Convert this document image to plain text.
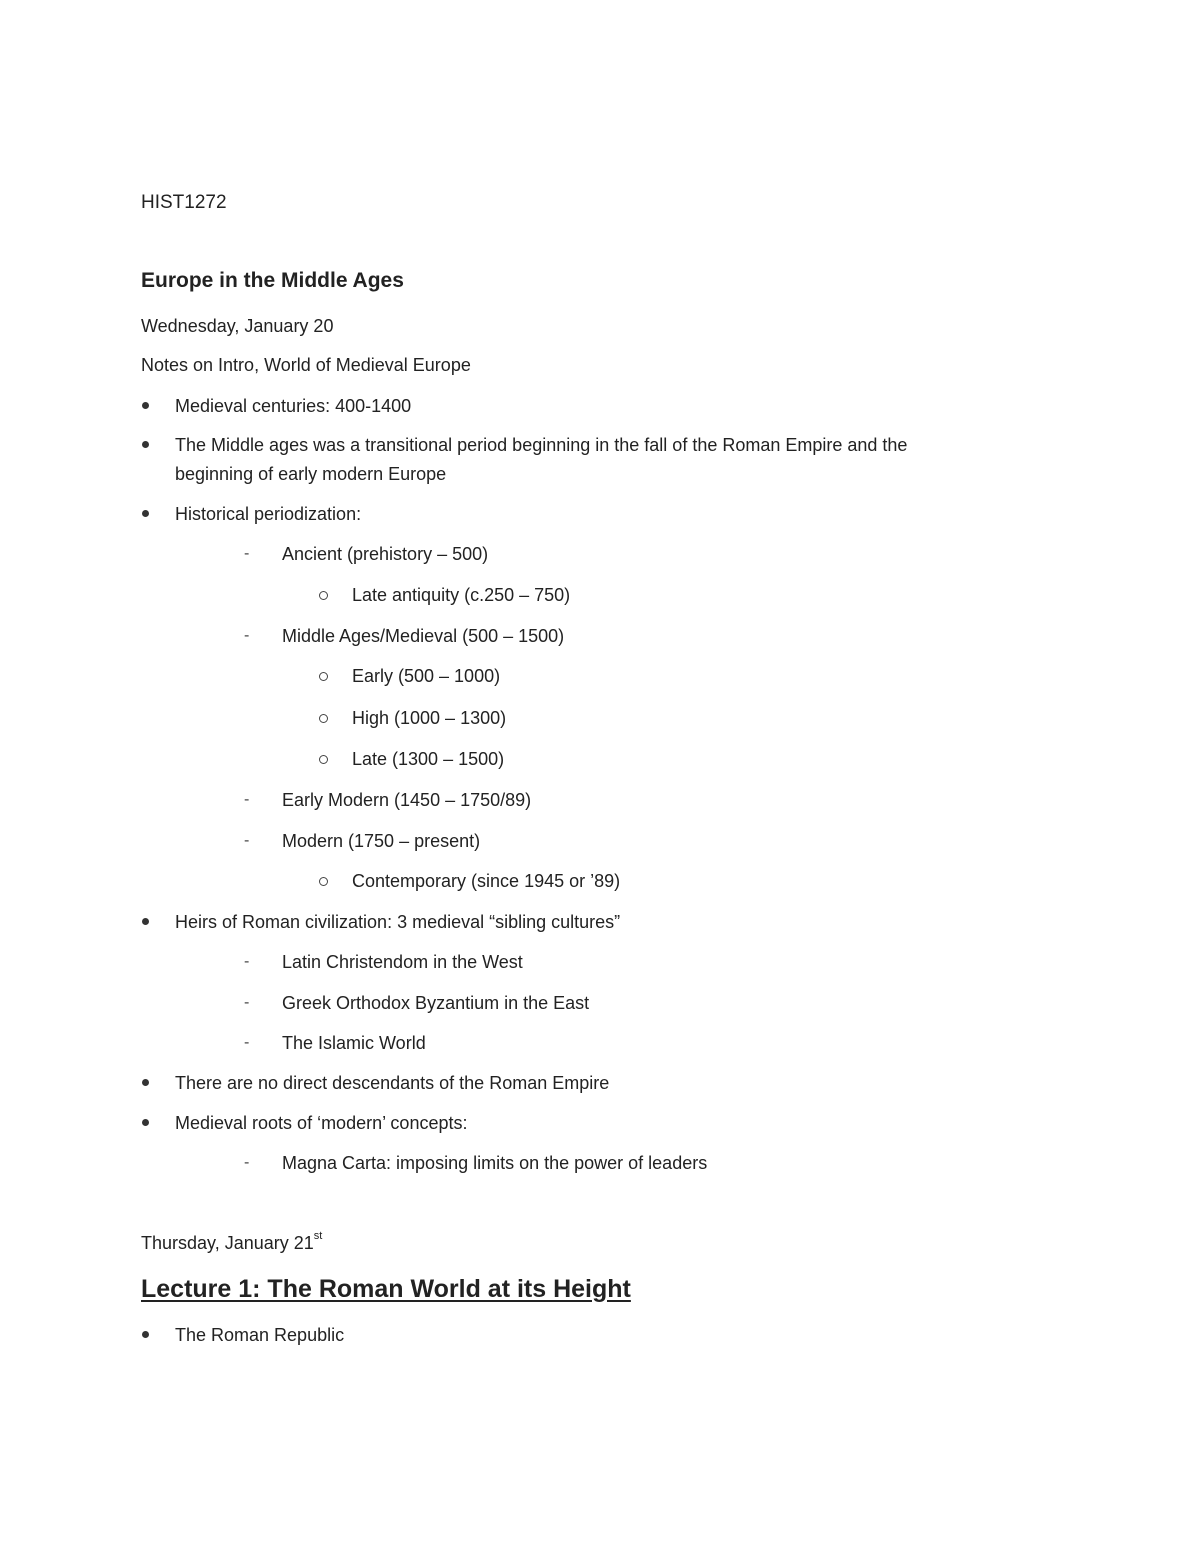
HIST1272
Europe in the Middle Ages
Wednesday, January 20
Notes on Intro, World of Medieval Europe
Medieval centuries: 400-1400
The Middle ages was a transitional period beginning in the fall of the Roman Empire and the
beginning of early modern Europe
Historical periodization:
- Ancient (prehistory – 500)
Late antiquity (c.250 – 750)
- Middle Ages/Medieval (500 – 1500)
Early (500 – 1000)
High (1000 – 1300)
Late (1300 – 1500)
- Early Modern (1450 – 1750/89)
- Modern (1750 – present)
Contemporary (since 1945 or ’89)
Heirs of Roman civilization: 3 medieval “sibling cultures”
- Latin Christendom in the West
- Greek Orthodox Byzantium in the East
- The Islamic World
There are no direct descendants of the Roman Empire
Medieval roots of ‘modern’ concepts:
- Magna Carta: imposing limits on the power of leaders
Thursday, January 21st
Lecture 1: The Roman World at its Height
The Roman Republic
